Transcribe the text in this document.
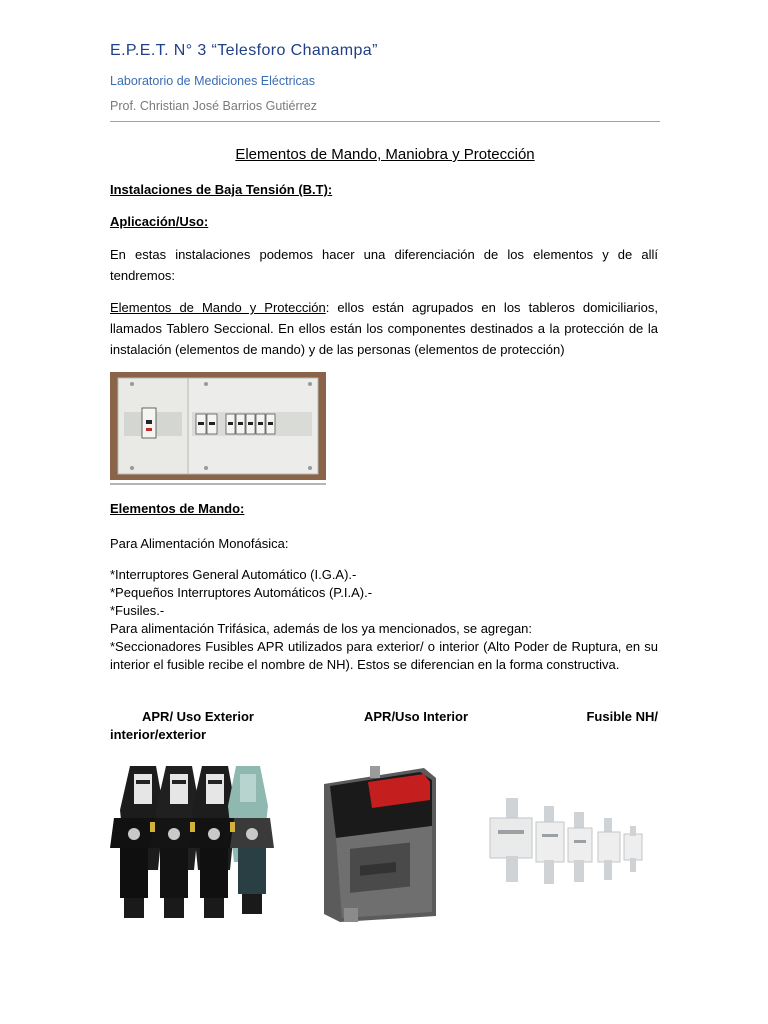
E.P.E.T. N° 3 “Telesforo Chanampa”
Laboratorio de Mediciones Eléctricas
Prof. Christian José Barrios Gutiérrez
Elementos de Mando, Maniobra y Protección
Instalaciones de Baja Tensión (B.T):
Aplicación/Uso:
En estas instalaciones podemos hacer una diferenciación de los elementos y de allí tendremos:
Elementos de Mando y Protección: ellos están agrupados en los tableros domiciliarios, llamados Tablero Seccional. En ellos están los componentes destinados a la protección de la instalación (elementos de mando) y de las personas (elementos de protección)
Elementos de Mando:
Para Alimentación Monofásica:
*Interruptores General Automático (I.G.A).-
*Pequeños Interruptores Automáticos (P.I.A).-
*Fusiles.-
Para alimentación Trifásica, además de los ya mencionados, se agregan:
*Seccionadores Fusibles APR utilizados para exterior/ o interior (Alto Poder de Ruptura, en su interior el fusible recibe el nombre de NH). Estos se diferencian en la forma constructiva.
APR/ Uso Exterior	APR/Uso Interior	Fusible NH/
interior/exterior
